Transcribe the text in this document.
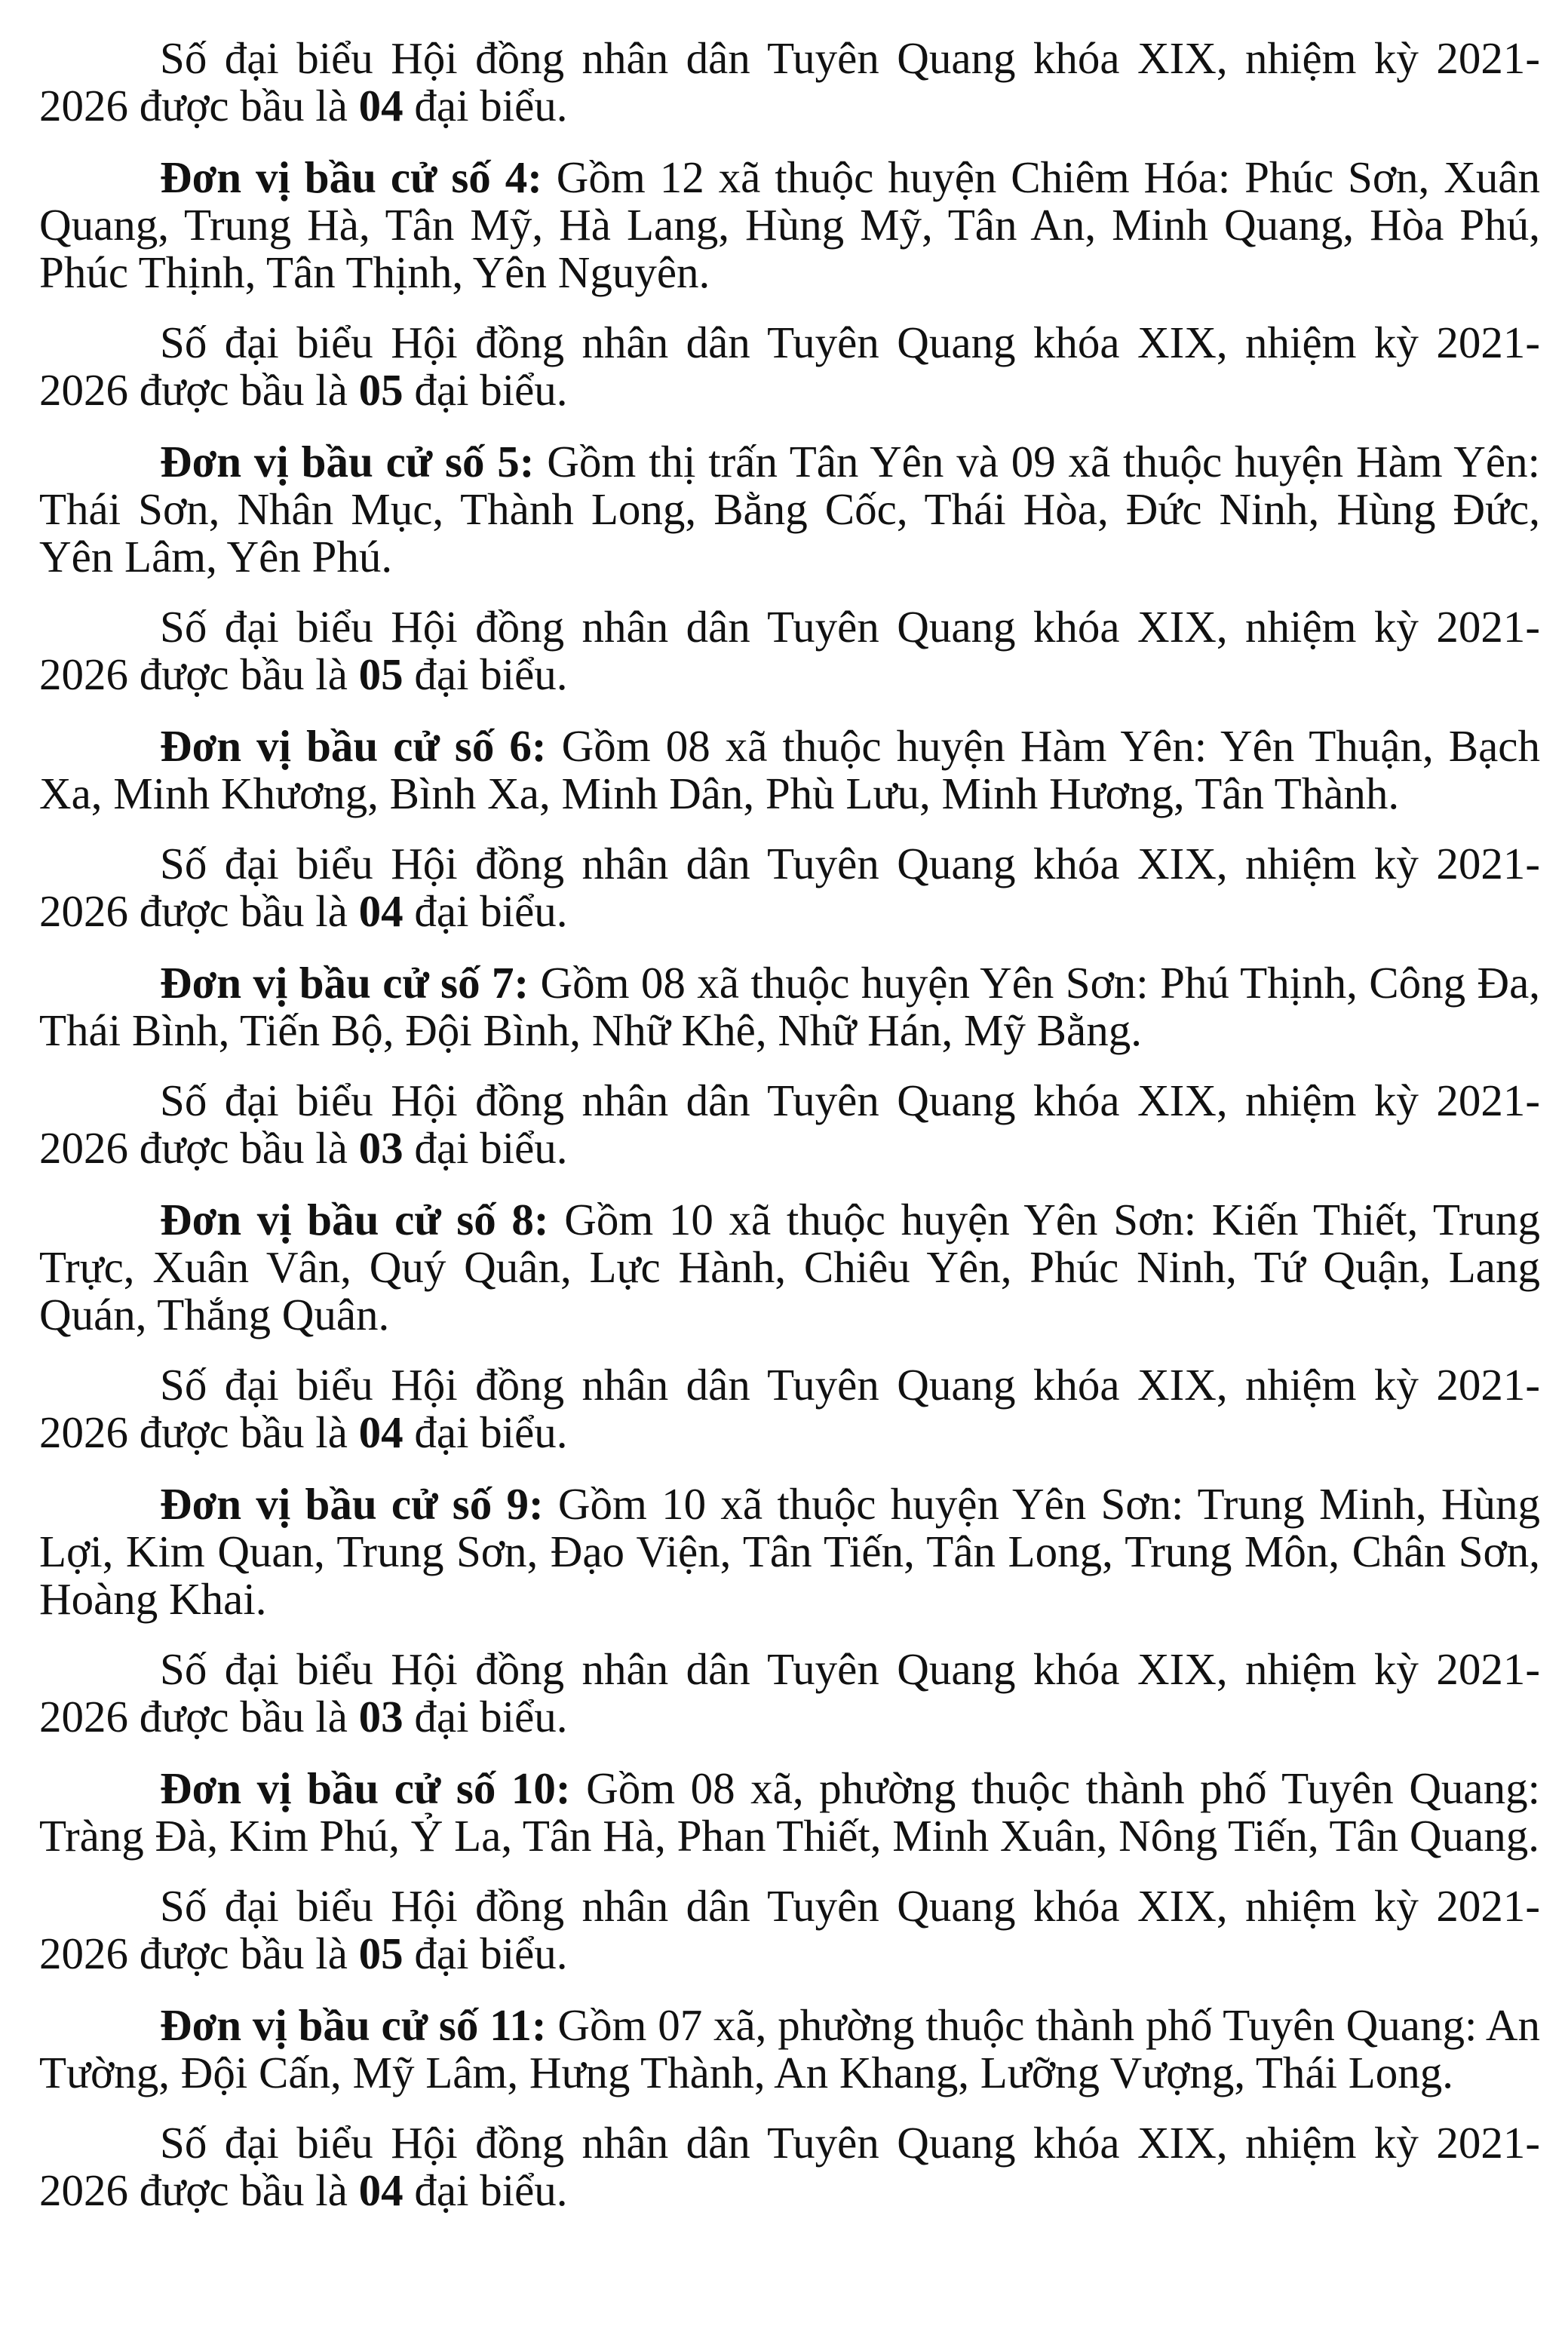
Số đại biểu Hội đồng nhân dân Tuyên Quang khóa XIX, nhiệm kỳ 2021-2026 được bầu là 04 đại biểu.

Đơn vị bầu cử số 4: Gồm 12 xã thuộc huyện Chiêm Hóa: Phúc Sơn, Xuân Quang, Trung Hà, Tân Mỹ, Hà Lang, Hùng Mỹ, Tân An, Minh Quang, Hòa Phú, Phúc Thịnh, Tân Thịnh, Yên Nguyên.

Số đại biểu Hội đồng nhân dân Tuyên Quang khóa XIX, nhiệm kỳ 2021-2026 được bầu là 05 đại biểu.

Đơn vị bầu cử số 5: Gồm thị trấn Tân Yên và 09 xã thuộc huyện Hàm Yên: Thái Sơn, Nhân Mục, Thành Long, Bằng Cốc, Thái Hòa, Đức Ninh, Hùng Đức, Yên Lâm, Yên Phú.

Số đại biểu Hội đồng nhân dân Tuyên Quang khóa XIX, nhiệm kỳ 2021-2026 được bầu là 05 đại biểu.

Đơn vị bầu cử số 6: Gồm 08 xã thuộc huyện Hàm Yên: Yên Thuận, Bạch Xa, Minh Khương, Bình Xa, Minh Dân, Phù Lưu, Minh Hương, Tân Thành.

Số đại biểu Hội đồng nhân dân Tuyên Quang khóa XIX, nhiệm kỳ 2021-2026 được bầu là 04 đại biểu.

Đơn vị bầu cử số 7: Gồm 08 xã thuộc huyện Yên Sơn: Phú Thịnh, Công Đa, Thái Bình, Tiến Bộ, Đội Bình, Nhữ Khê, Nhữ Hán, Mỹ Bằng.

Số đại biểu Hội đồng nhân dân Tuyên Quang khóa XIX, nhiệm kỳ 2021-2026 được bầu là 03 đại biểu.

Đơn vị bầu cử số 8: Gồm 10 xã thuộc huyện Yên Sơn: Kiến Thiết, Trung Trực, Xuân Vân, Quý Quân, Lực Hành, Chiêu Yên, Phúc Ninh, Tứ Quận, Lang Quán, Thắng Quân.

Số đại biểu Hội đồng nhân dân Tuyên Quang khóa XIX, nhiệm kỳ 2021-2026 được bầu là 04 đại biểu.

Đơn vị bầu cử số 9: Gồm 10 xã thuộc huyện Yên Sơn: Trung Minh, Hùng Lợi, Kim Quan, Trung Sơn, Đạo Viện, Tân Tiến, Tân Long, Trung Môn, Chân Sơn, Hoàng Khai.

Số đại biểu Hội đồng nhân dân Tuyên Quang khóa XIX, nhiệm kỳ 2021-2026 được bầu là 03 đại biểu.

Đơn vị bầu cử số 10: Gồm 08 xã, phường thuộc thành phố Tuyên Quang: Tràng Đà, Kim Phú, Ỷ La, Tân Hà, Phan Thiết, Minh Xuân, Nông Tiến, Tân Quang.

Số đại biểu Hội đồng nhân dân Tuyên Quang khóa XIX, nhiệm kỳ 2021-2026 được bầu là 05 đại biểu.

Đơn vị bầu cử số 11: Gồm 07 xã, phường thuộc thành phố Tuyên Quang: An Tường, Đội Cấn, Mỹ Lâm, Hưng Thành, An Khang, Lưỡng Vượng, Thái Long.

Số đại biểu Hội đồng nhân dân Tuyên Quang khóa XIX, nhiệm kỳ 2021-2026 được bầu là 04 đại biểu.
